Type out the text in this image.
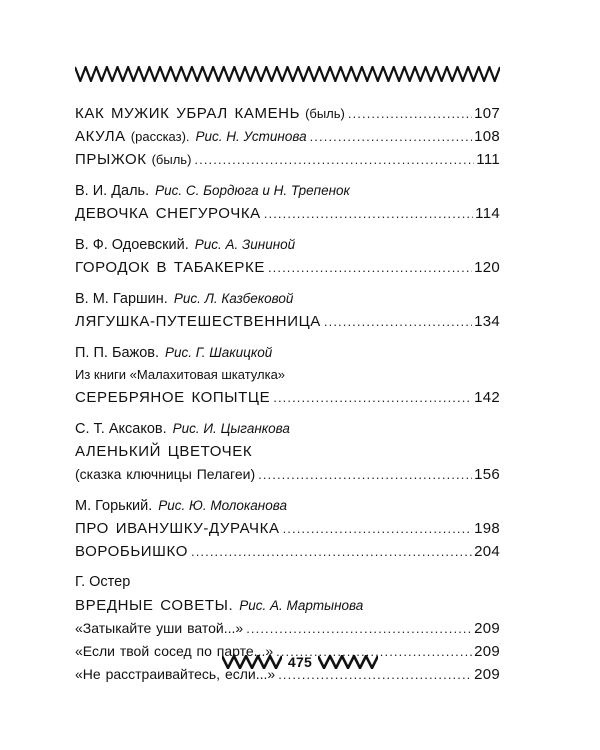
КАК МУЖИК УБРАЛ КАМЕНЬ (быль) .....	107
АКУЛА (рассказ). Рис. Н. Устинова .....	108
ПРЫЖОК (быль) .....	111
В. И. Даль. Рис. С. Бордюга и Н. Трепенок
ДЕВОЧКА СНЕГУРОЧКА .....	114
В. Ф. Одоевский. Рис. А. Зининой
ГОРОДОК В ТАБАКЕРКЕ .....	120
В. М. Гаршин. Рис. Л. Казбековой
ЛЯГУШКА-ПУТЕШЕСТВЕННИЦА .....	134
П. П. Бажов. Рис. Г. Шакицкой
Из книги «Малахитовая шкатулка»
СЕРЕБРЯНОЕ КОПЫТЦЕ .....	142
С. Т. Аксаков. Рис. И. Цыганкова
АЛЕНЬКИЙ ЦВЕТОЧЕК
(сказка ключницы Пелагеи) .....	156
М. Горький. Рис. Ю. Молоканова
ПРО ИВАНУШКУ-ДУРАЧКА .....	198
ВОРОБЬИШКО .....	204
Г. Остер
ВРЕДНЫЕ СОВЕТЫ. Рис. А. Мартынова
«Затыкайте уши ватой...» .....	209
«Если твой сосед по парте...» .....	209
«Не расстраивайтесь, если...» .....	209
475
